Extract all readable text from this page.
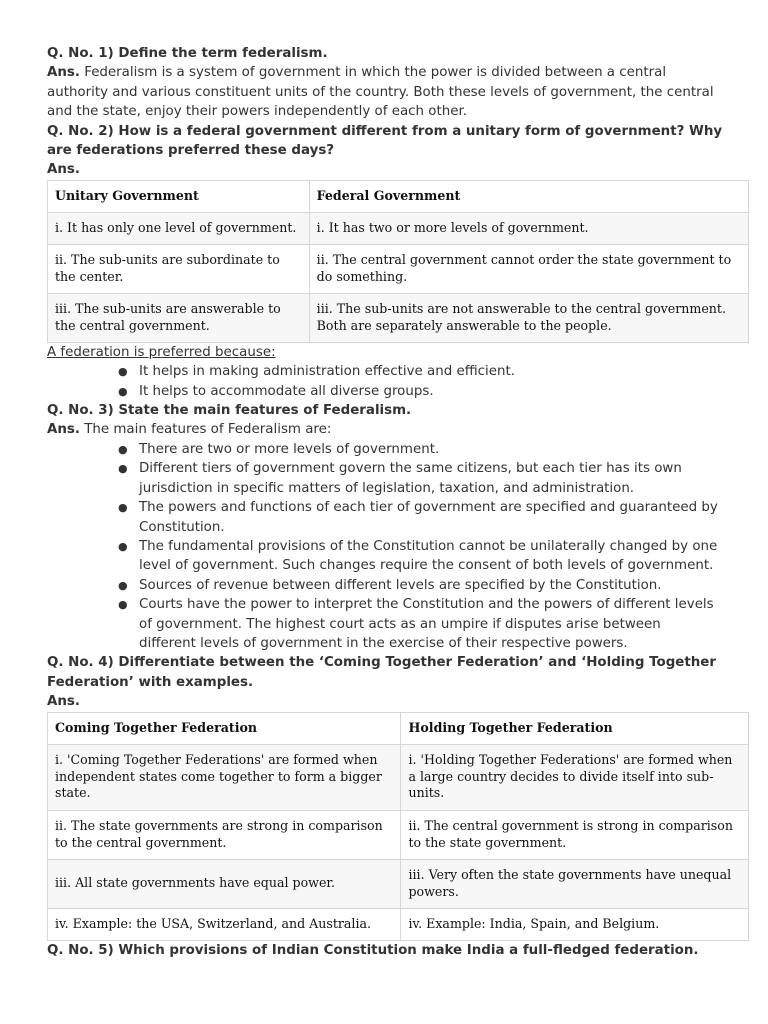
Q. No. 1) Define the term federalism.

Ans. Federalism is a system of government in which the power is divided between a central

authority and various constituent units of the country. Both these levels of government, the central

and the state, enjoy their powers independently of each other.

Q. No. 2) How is a federal government different from a unitary form of government? Why

are federations preferred these days?

Ans.

Unitary Government	Federal Government
i. It has only one level of government.	i. It has two or more levels of government.
ii. The sub-units are subordinate to the center.	ii. The central government cannot order the state government to do something.
iii. The sub-units are answerable to the central government.	iii. The sub-units are not answerable to the central government. Both are separately answerable to the people.

A federation is preferred because:

● It helps in making administration effective and efficient.
● It helps to accommodate all diverse groups.

Q. No. 3) State the main features of Federalism.

Ans. The main features of Federalism are:

● There are two or more levels of government.
● Different tiers of government govern the same citizens, but each tier has its own jurisdiction in specific matters of legislation, taxation, and administration.
● The powers and functions of each tier of government are specified and guaranteed by Constitution.
● The fundamental provisions of the Constitution cannot be unilaterally changed by one level of government. Such changes require the consent of both levels of government.
● Sources of revenue between different levels are specified by the Constitution.
● Courts have the power to interpret the Constitution and the powers of different levels of government. The highest court acts as an umpire if disputes arise between different levels of government in the exercise of their respective powers.

Q. No. 4) Differentiate between the ‘Coming Together Federation’ and ‘Holding Together

Federation’ with examples.

Ans.

Coming Together Federation	Holding Together Federation
i. 'Coming Together Federations' are formed when independent states come together to form a bigger state.	i. 'Holding Together Federations' are formed when a large country decides to divide itself into sub-units.
ii. The state governments are strong in comparison to the central government.	ii. The central government is strong in comparison to the state government.
iii. All state governments have equal power.	iii. Very often the state governments have unequal powers.
iv. Example: the USA, Switzerland, and Australia.	iv. Example: India, Spain, and Belgium.

Q. No. 5) Which provisions of Indian Constitution make India a full-fledged federation.
